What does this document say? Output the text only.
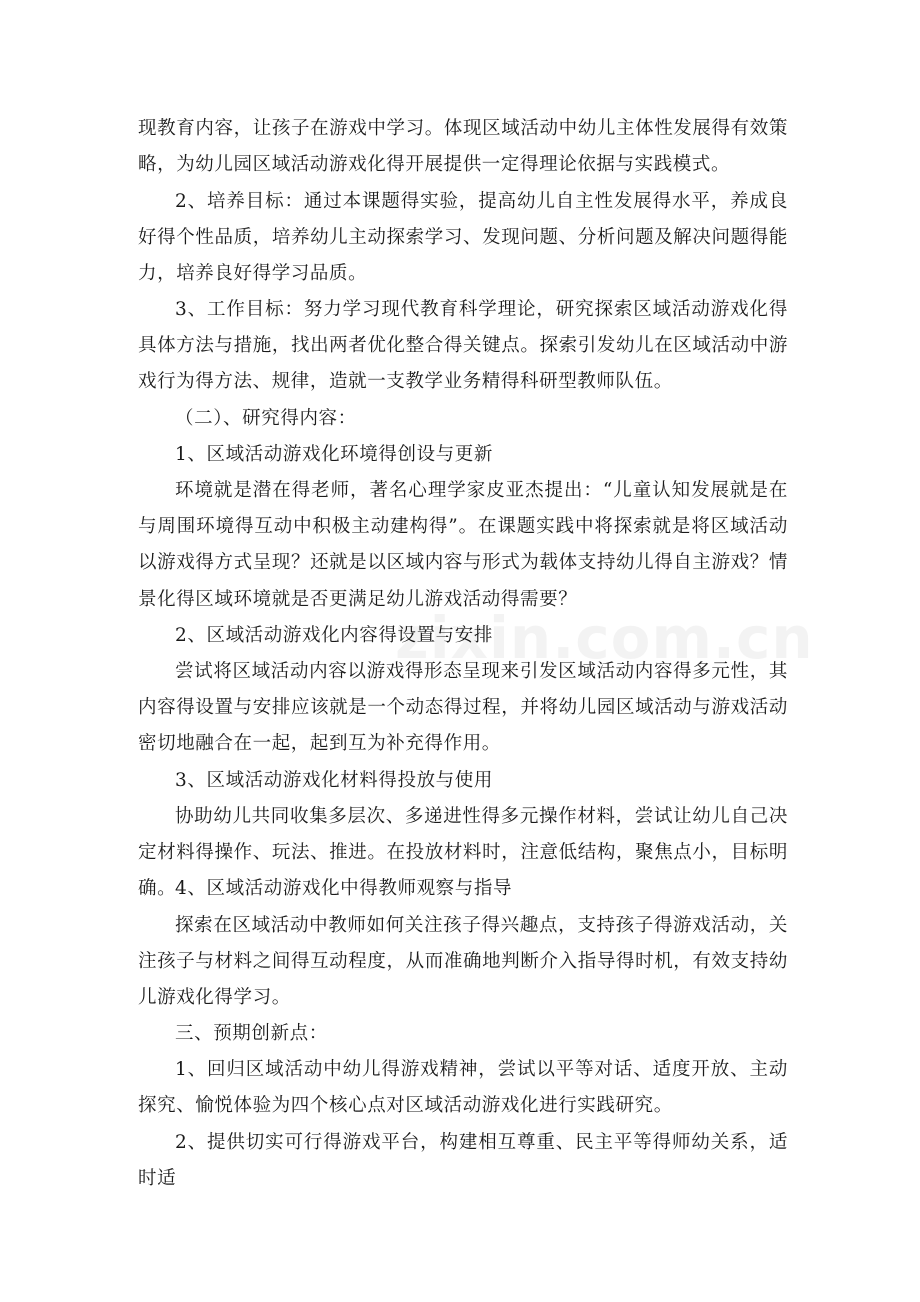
现教育内容，让孩子在游戏中学习。体现区域活动中幼儿主体性发展得有效策略，为幼儿园区域活动游戏化得开展提供一定得理论依据与实践模式。

2、培养目标：通过本课题得实验，提高幼儿自主性发展得水平，养成良好得个性品质，培养幼儿主动探索学习、发现问题、分析问题及解决问题得能力，培养良好得学习品质。

3、工作目标：努力学习现代教育科学理论，研究探索区域活动游戏化得具体方法与措施，找出两者优化整合得关键点。探索引发幼儿在区域活动中游戏行为得方法、规律，造就一支教学业务精得科研型教师队伍。

（二）、研究得内容：

1、区域活动游戏化环境得创设与更新

环境就是潜在得老师，著名心理学家皮亚杰提出：“儿童认知发展就是在与周围环境得互动中积极主动建构得”。在课题实践中将探索就是将区域活动以游戏得方式呈现？还就是以区域内容与形式为载体支持幼儿得自主游戏？情景化得区域环境就是否更满足幼儿游戏活动得需要？

2、区域活动游戏化内容得设置与安排

尝试将区域活动内容以游戏得形态呈现来引发区域活动内容得多元性，其内容得设置与安排应该就是一个动态得过程，并将幼儿园区域活动与游戏活动密切地融合在一起，起到互为补充得作用。

3、区域活动游戏化材料得投放与使用

协助幼儿共同收集多层次、多递进性得多元操作材料，尝试让幼儿自己决定材料得操作、玩法、推进。在投放材料时，注意低结构，聚焦点小，目标明确。

4、区域活动游戏化中得教师观察与指导

探索在区域活动中教师如何关注孩子得兴趣点，支持孩子得游戏活动，关注孩子与材料之间得互动程度，从而准确地判断介入指导得时机，有效支持幼儿游戏化得学习。

三、预期创新点：

1、回归区域活动中幼儿得游戏精神，尝试以平等对话、适度开放、主动探究、愉悦体验为四个核心点对区域活动游戏化进行实践研究。

2、提供切实可行得游戏平台，构建相互尊重、民主平等得师幼关系，适时适
